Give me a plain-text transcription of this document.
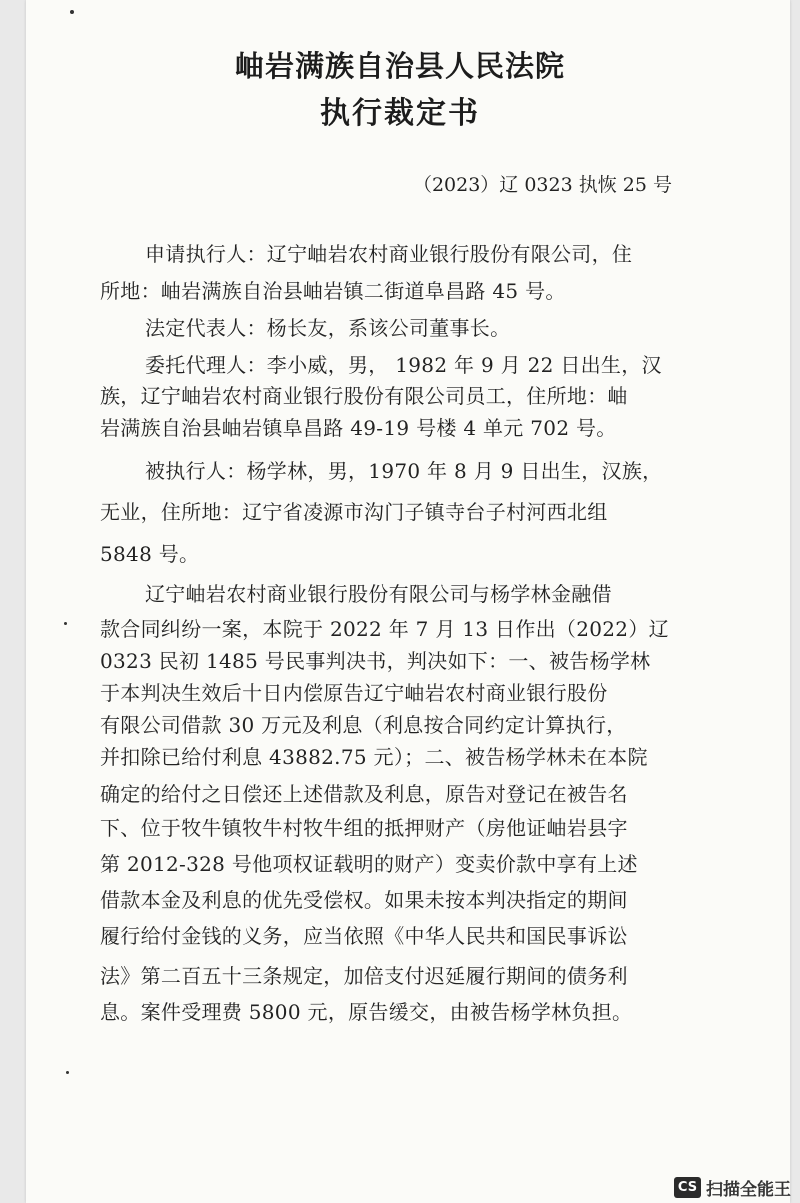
岫岩满族自治县人民法院
执行裁定书
（2023）辽 0323 执恢 25 号
申请执行人：辽宁岫岩农村商业银行股份有限公司，住
所地：岫岩满族自治县岫岩镇二街道阜昌路 45 号。
法定代表人：杨长友，系该公司董事长。
委托代理人：李小威，男， 1982 年 9 月 22 日出生，汉
族，辽宁岫岩农村商业银行股份有限公司员工，住所地：岫
岩满族自治县岫岩镇阜昌路 49-19 号楼 4 单元 702 号。
被执行人：杨学林，男，1970 年 8 月 9 日出生，汉族，
无业，住所地：辽宁省凌源市沟门子镇寺台子村河西北组
5848 号。
辽宁岫岩农村商业银行股份有限公司与杨学林金融借
款合同纠纷一案，本院于 2022 年 7 月 13 日作出（2022）辽
0323 民初 1485 号民事判决书，判决如下：一、被告杨学林
于本判决生效后十日内偿原告辽宁岫岩农村商业银行股份
有限公司借款 30 万元及利息（利息按合同约定计算执行，
并扣除已给付利息 43882.75 元）；二、被告杨学林未在本院
确定的给付之日偿还上述借款及利息，原告对登记在被告名
下、位于牧牛镇牧牛村牧牛组的抵押财产（房他证岫岩县字
第 2012-328 号他项权证载明的财产）变卖价款中享有上述
借款本金及利息的优先受偿权。如果未按本判决指定的期间
履行给付金钱的义务，应当依照《中华人民共和国民事诉讼
法》第二百五十三条规定，加倍支付迟延履行期间的债务利
息。案件受理费 5800 元，原告缓交，由被告杨学林负担。
CS 扫描全能王
